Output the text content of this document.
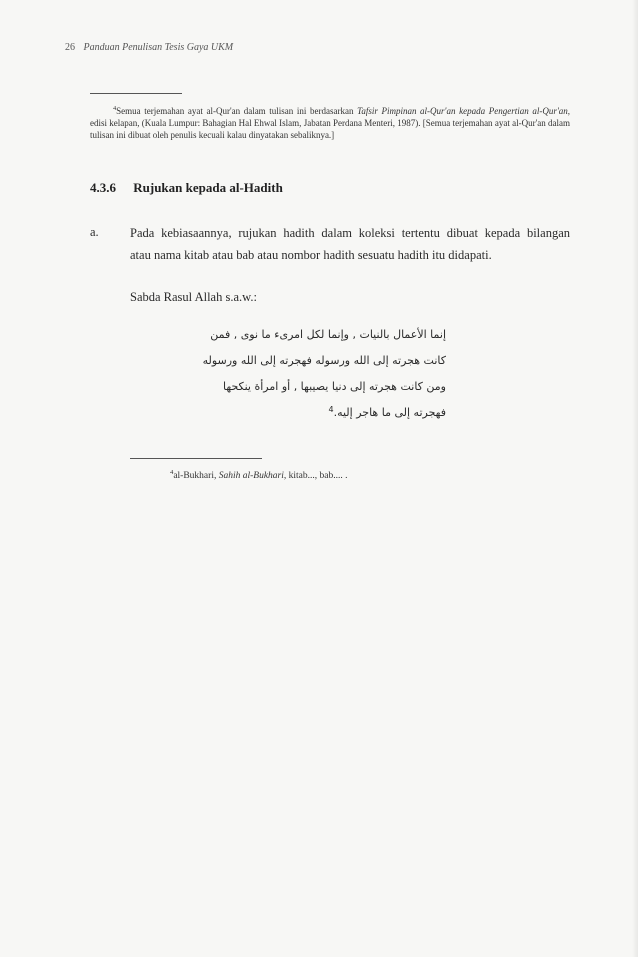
26 Panduan Penulisan Tesis Gaya UKM

$^4$Semua terjemahan ayat al-Qur'an dalam tulisan ini berdasarkan Tafsir Pimpinan al-Qur'an kepada Pengertian al-Qur'an, edisi kelapan, (Kuala Lumpur: Bahagian Hal Ehwal Islam, Jabatan Perdana Menteri, 1987). [Semua terjemahan ayat al-Qur'an dalam tulisan ini dibuat oleh penulis kecuali kalau dinyatakan sebaliknya.]

4.3.6 Rujukan kepada al-Hadith
a.	Pada kebiasaannya, rujukan hadith dalam koleksi tertentu dibuat kepada bilangan

atau nama kitab atau bab atau nombor hadith sesuatu hadith itu didapati.

Sabda Rasul Allah s.a.w.:
إنما الأعمال بالنيات , وإنما لكل امرىء ما نوى , فمن
كانت هجرته إلى الله ورسوله فهجرته إلى الله ورسوله
ومن كانت هجرته إلى دنيا يصيبها , أو امرأة ينكحها
فهجرته إلى ما هاجر إليه.$^4$
$^4$al-Bukhari, Sahih al-Bukhari, kitab..., bab.... .
